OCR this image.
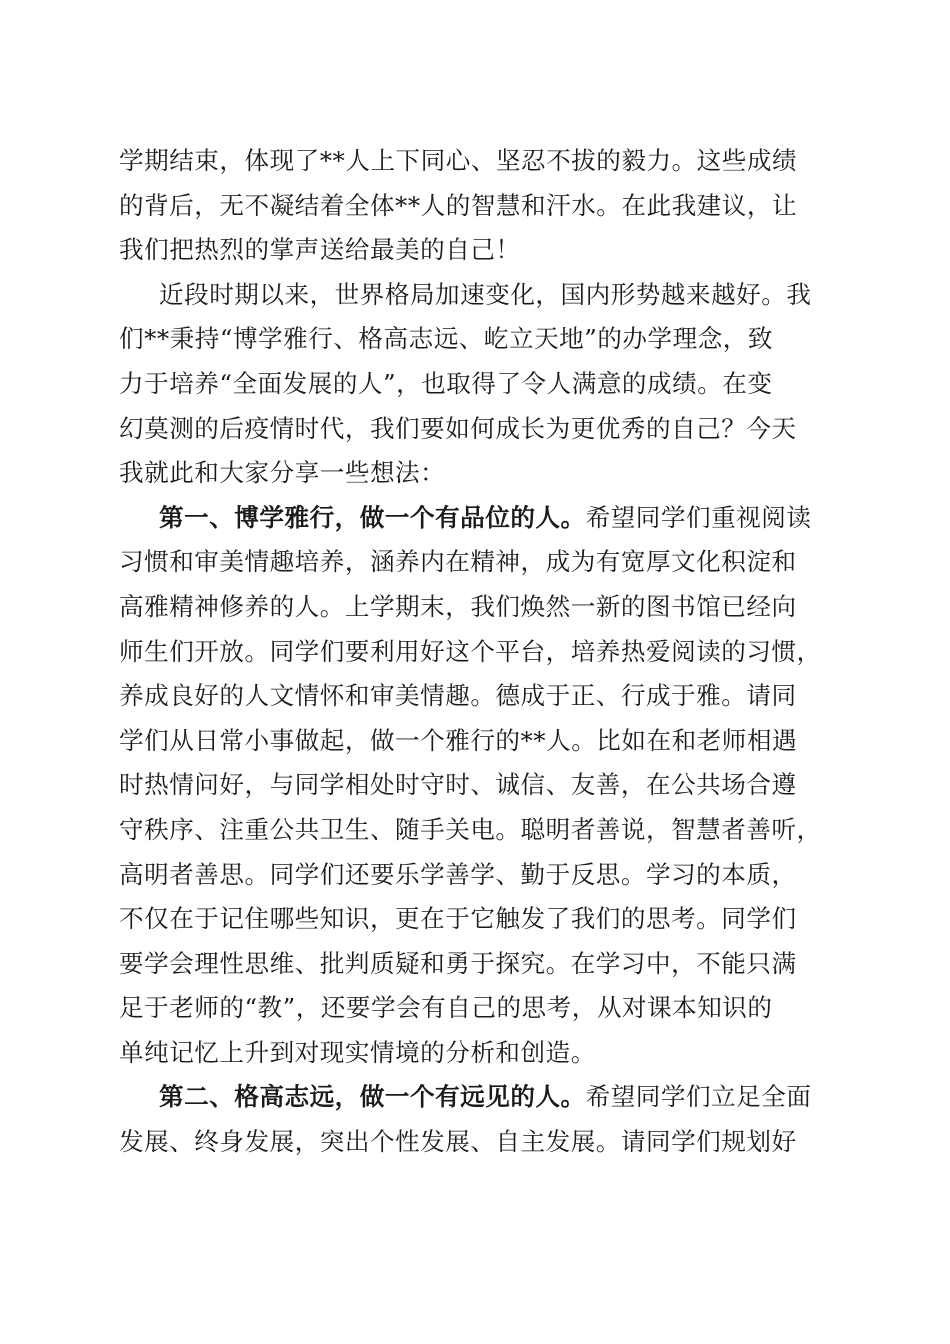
学期结束，体现了**人上下同心、坚忍不拔的毅力。这些成绩
的背后，无不凝结着全体**人的智慧和汗水。在此我建议，让
我们把热烈的掌声送给最美的自己！
近段时期以来，世界格局加速变化，国内形势越来越好。我
们**秉持“博学雅行、格高志远、屹立天地”的办学理念，致
力于培养“全面发展的人”，也取得了令人满意的成绩。在变
幻莫测的后疫情时代，我们要如何成长为更优秀的自己？今天
我就此和大家分享一些想法：
第一、博学雅行，做一个有品位的人。希望同学们重视阅读
习惯和审美情趣培养，涵养内在精神，成为有宽厚文化积淀和
高雅精神修养的人。上学期末，我们焕然一新的图书馆已经向
师生们开放。同学们要利用好这个平台，培养热爱阅读的习惯，
养成良好的人文情怀和审美情趣。德成于正、行成于雅。请同
学们从日常小事做起，做一个雅行的**人。比如在和老师相遇
时热情问好，与同学相处时守时、诚信、友善，在公共场合遵
守秩序、注重公共卫生、随手关电。聪明者善说，智慧者善听，
高明者善思。同学们还要乐学善学、勤于反思。学习的本质，
不仅在于记住哪些知识，更在于它触发了我们的思考。同学们
要学会理性思维、批判质疑和勇于探究。在学习中，不能只满
足于老师的“教”，还要学会有自己的思考，从对课本知识的
单纯记忆上升到对现实情境的分析和创造。
第二、格高志远，做一个有远见的人。希望同学们立足全面
发展、终身发展，突出个性发展、自主发展。请同学们规划好
